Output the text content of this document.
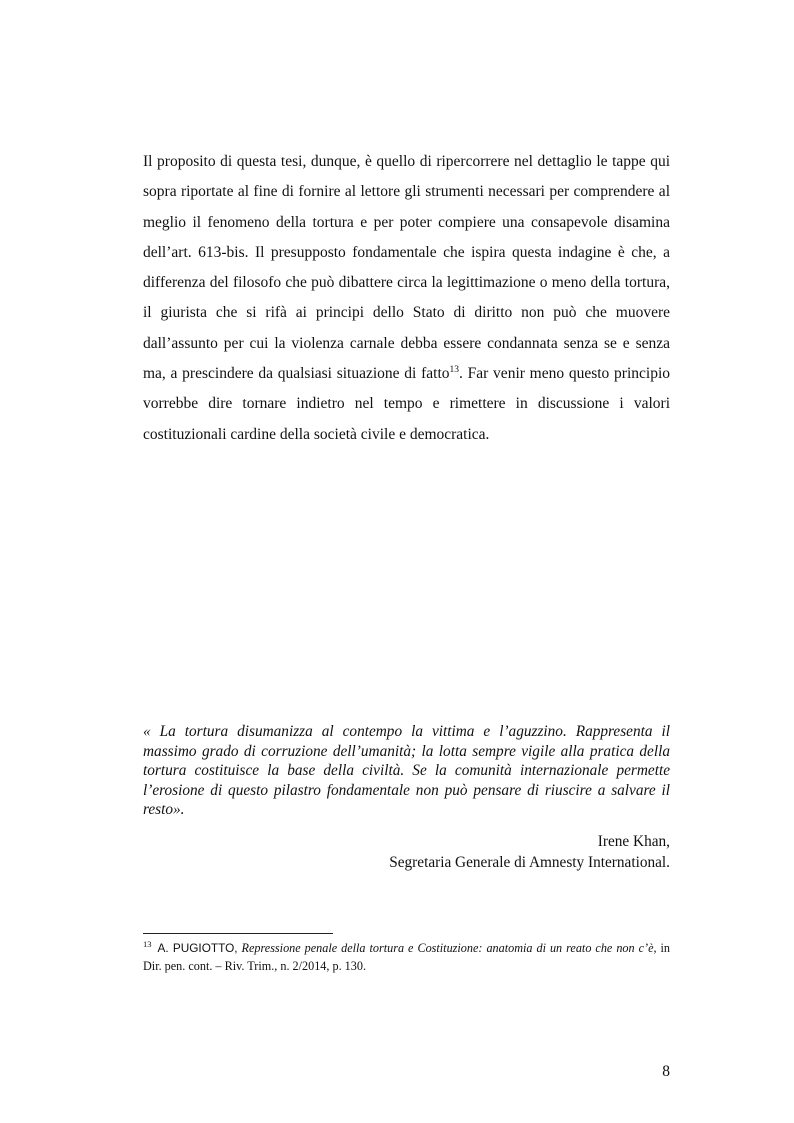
Il proposito di questa tesi, dunque, è quello di ripercorrere nel dettaglio le tappe qui sopra riportate al fine di fornire al lettore gli strumenti necessari per comprendere al meglio il fenomeno della tortura e per poter compiere una consapevole disamina dell’art. 613-bis. Il presupposto fondamentale che ispira questa indagine è che, a differenza del filosofo che può dibattere circa la legittimazione o meno della tortura, il giurista che si rifà ai principi dello Stato di diritto non può che muovere dall’assunto per cui la violenza carnale debba essere condannata senza se e senza ma, a prescindere da qualsiasi situazione di fatto$^{13}$. Far venir meno questo principio vorrebbe dire tornare indietro nel tempo e rimettere in discussione i valori costituzionali cardine della società civile e democratica.

« La tortura disumanizza al contempo la vittima e l’aguzzino. Rappresenta il massimo grado di corruzione dell’umanità; la lotta sempre vigile alla pratica della tortura costituisce la base della civiltà. Se la comunità internazionale permette l’erosione di questo pilastro fondamentale non può pensare di riuscire a salvare il resto».

Irene Khan,
Segretaria Generale di Amnesty International.

$^{13}$ A. PUGIOTTO, Repressione penale della tortura e Costituzione: anatomia di un reato che non c’è, in Dir. pen. cont. – Riv. Trim., n. 2/2014, p. 130.

8
